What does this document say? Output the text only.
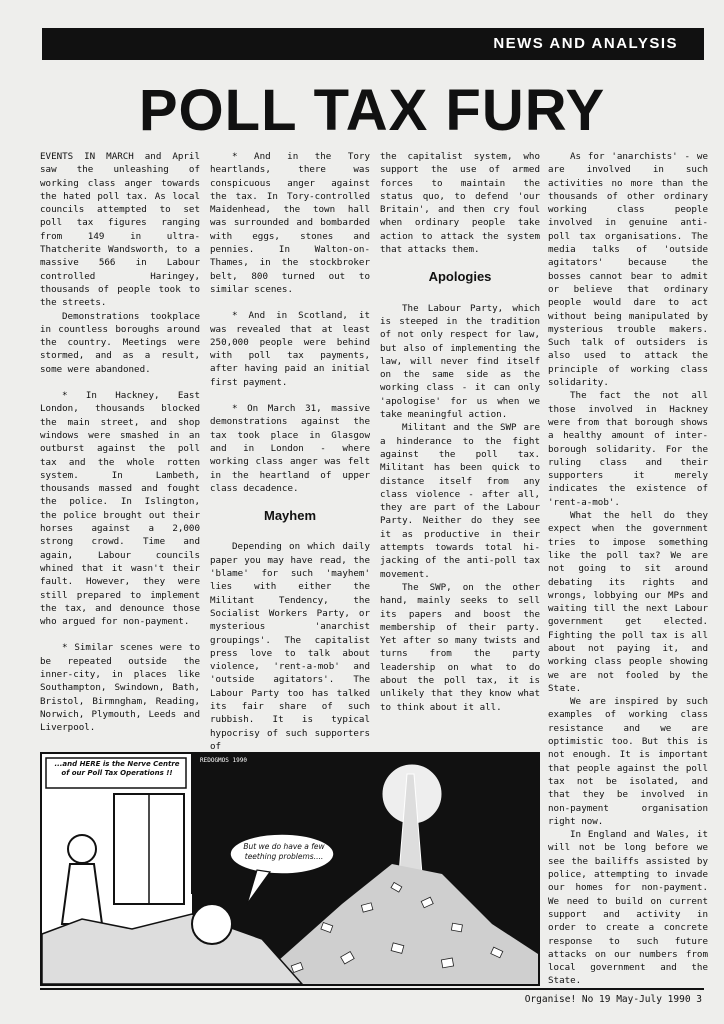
NEWS AND ANALYSIS
POLL TAX FURY

EVENTS IN MARCH and April saw the unleashing of working class anger towards the hated poll tax. As local councils attempted to set poll tax figures ranging from 149 in ultra-Thatcherite Wandsworth, to a massive 566 in Labour controlled Haringey, thousands of people took to the streets.

Demonstrations tookplace in countless boroughs around the country. Meetings were stormed, and as a result, some were abandoned.

* In Hackney, East London, thousands blocked the main street, and shop windows were smashed in an outburst against the poll tax and the whole rotten system. In Lambeth, thousands massed and fought the police. In Islington, the police brought out their horses against a 2,000 strong crowd. Time and again, Labour councils whined that it wasn't their fault. However, they were still prepared to implement the tax, and denounce those who argued for non-payment.

* Similar scenes were to be repeated outside the inner-city, in places like Southampton, Swindown, Bath, Bristol, Birmngham, Reading, Norwich, Plymouth, Leeds and Liverpool.

* And in the Tory heartlands, there was conspicuous anger against the tax. In Tory-controlled Maidenhead, the town hall was surrounded and bombarded with eggs, stones and pennies. In Walton-on-Thames, in the stockbroker belt, 800 turned out to similar scenes.

* And in Scotland, it was revealed that at least 250,000 people were behind with poll tax payments, after having paid an initial first payment.

* On March 31, massive demonstrations against the tax took place in Glasgow and in London - where working class anger was felt in the heartland of upper class decadence.

Mayhem

Depending on which daily paper you may have read, the 'blame' for such 'mayhem' lies with either the Militant Tendency, the Socialist Workers Party, or mysterious 'anarchist groupings'. The capitalist press love to talk about violence, 'rent-a-mob' and 'outside agitators'. The Labour Party too has talked its fair share of such rubbish. It is typical hypocrisy of such supporters of

the capitalist system, who support the use of armed forces to maintain the status quo, to defend 'our Britain', and then cry foul when ordinary people take action to attack the system that attacks them.

Apologies

The Labour Party, which is steeped in the tradition of not only respect for law, but also of implementing the law, will never find itself on the same side as the working class - it can only 'apologise' for us when we take meaningful action.

Militant and the SWP are a hinderance to the fight against the poll tax. Militant has been quick to distance itself from any class violence - after all, they are part of the Labour Party. Neither do they see it as productive in their attempts towards total hi-jacking of the anti-poll tax movement.

The SWP, on the other hand, mainly seeks to sell its papers and boost the membership of their party. Yet after so many twists and turns from the party leadership on what to do about the poll tax, it is unlikely that they know what to think about it all.

As for 'anarchists' - we are involved in such activities no more than the thousands of other ordinary working class people involved in genuine anti-poll tax organisations. The media talks of 'outside agitators' because the bosses cannot bear to admit or believe that ordinary people would dare to act without being manipulated by mysterious trouble makers. Such talk of outsiders is also used to attack the principle of working class solidarity.

The fact the not all those involved in Hackney were from that borough shows a healthy amount of inter-borough solidarity. For the ruling class and their supporters it merely indicates the existence of 'rent-a-mob'.

What the hell do they expect when the government tries to impose something like the poll tax? We are not going to sit around debating its rights and wrongs, lobbying our MPs and waiting till the next Labour government get elected. Fighting the poll tax is all about not paying it, and working class people showing we are not fooled by the State.

We are inspired by such examples of working class resistance and we are optimistic too. But this is not enough. It is important that people against the poll tax not be isolated, and that they be involved in non-payment organisation right now.

In England and Wales, it will not be long before we see the bailiffs assisted by police, attempting to invade our homes for non-payment. We need to build on current support and activity in order to create a concrete response to such future attacks on our numbers from local government and the State.

...and HERE is the Nerve Centre of our Poll Tax Operations !!
REDOGMOS 1990
But we do have a few teething problems....
Organise! No 19 May-July 1990 3
